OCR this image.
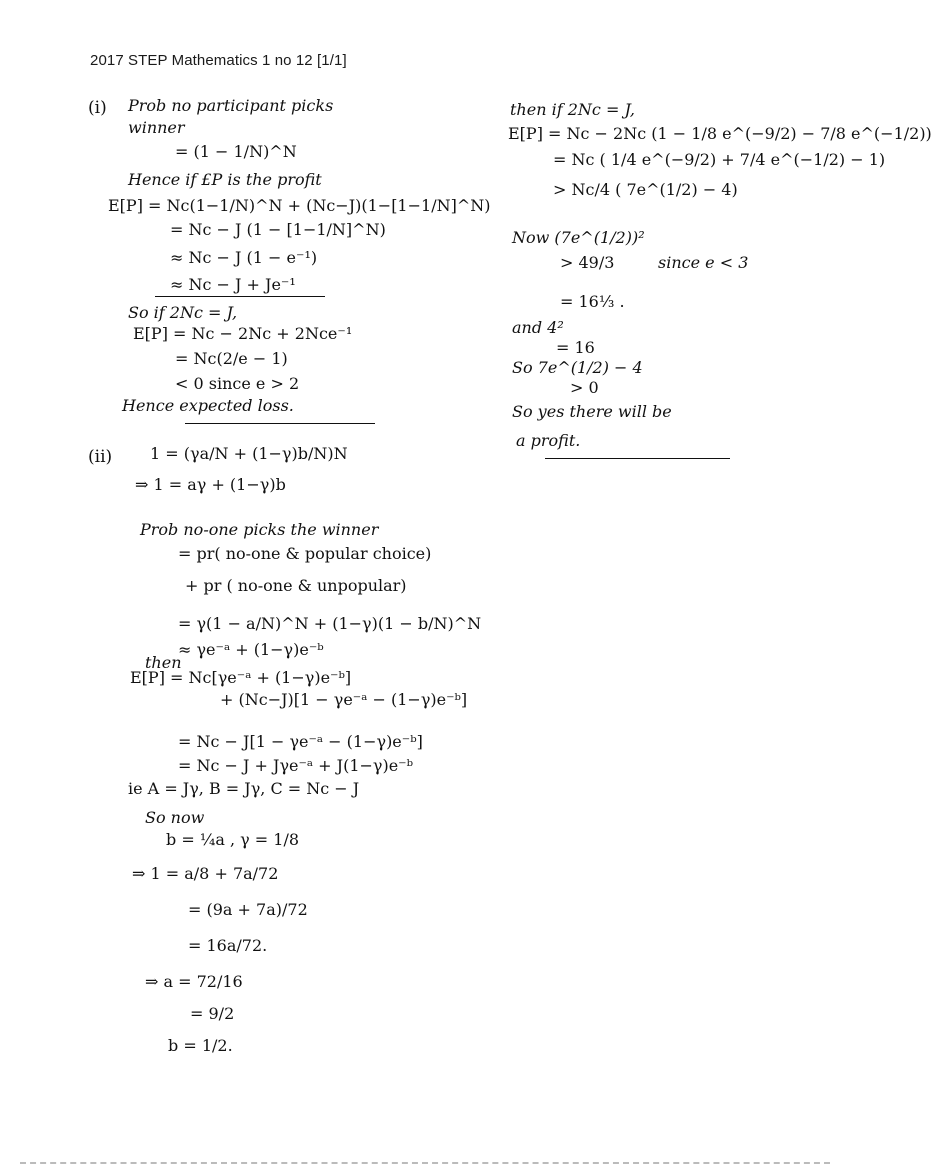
2017 STEP Mathematics 1 no 12 [1/1]
(i)
(ii)
Prob no participant picks
winner
= (1 − 1/N)^N
Hence if £P is the profit
E[P] = Nc(1−1/N)^N + (Nc−J)(1−[1−1/N]^N)
= Nc − J (1 − [1−1/N]^N)
≈ Nc − J (1 − e⁻¹)
≈ Nc − J + Je⁻¹
So if 2Nc = J,
E[P] = Nc − 2Nc + 2Nce⁻¹
= Nc(2/e − 1)
< 0 since e > 2
Hence expected loss.
1 = (γa/N + (1−γ)b/N)N
⇒ 1 = aγ + (1−γ)b
Prob no-one picks the winner
= pr( no-one & popular choice)
+ pr ( no-one & unpopular)
= γ(1 − a/N)^N + (1−γ)(1 − b/N)^N
≈ γe⁻ᵃ + (1−γ)e⁻ᵇ
then
E[P] = Nc[γe⁻ᵃ + (1−γ)e⁻ᵇ]
+ (Nc−J)[1 − γe⁻ᵃ − (1−γ)e⁻ᵇ]
= Nc − J[1 − γe⁻ᵃ − (1−γ)e⁻ᵇ]
= Nc − J + Jγe⁻ᵃ + J(1−γ)e⁻ᵇ
ie A = Jγ, B = Jγ, C = Nc − J
So now
b = ¼a , γ = 1/8
⇒ 1 = a/8 + 7a/72
= (9a + 7a)/72
= 16a/72.
⇒ a = 72/16
= 9/2
b = 1/2.
then if 2Nc = J,
E[P] = Nc − 2Nc (1 − 1/8 e^(−9/2) − 7/8 e^(−1/2))
= Nc ( 1/4 e^(−9/2) + 7/4 e^(−1/2) − 1)
> Nc/4 ( 7e^(1/2) − 4)
Now (7e^(1/2))²
> 49/3	since e < 3
= 16⅓ .
and 4²
= 16
So 7e^(1/2) − 4
> 0
So yes there will be
a profit.
